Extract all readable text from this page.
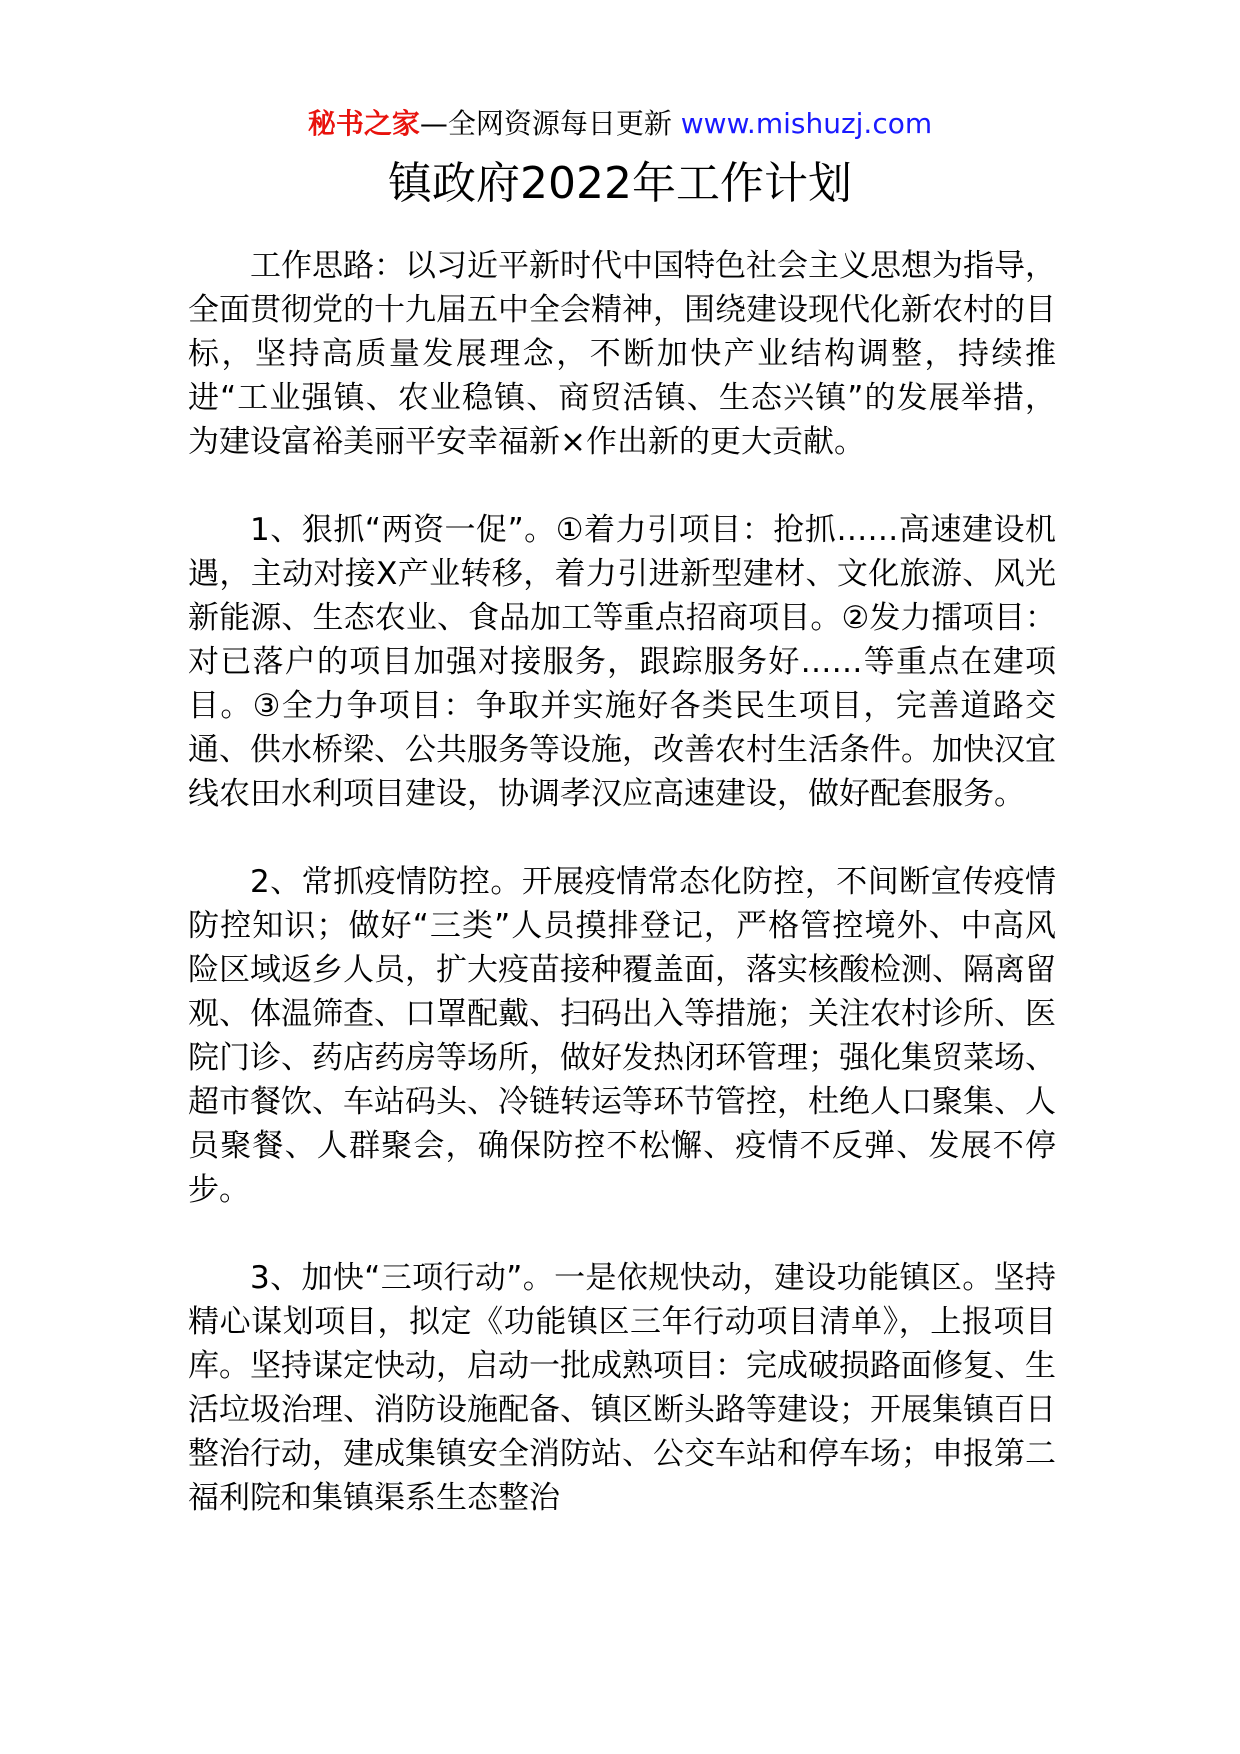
秘书之家—全网资源每日更新 www.mishuzj.com
镇政府2022年工作计划

工作思路：以习近平新时代中国特色社会主义思想为指导，全面贯彻党的十九届五中全会精神，围绕建设现代化新农村的目标，坚持高质量发展理念，不断加快产业结构调整，持续推进“工业强镇、农业稳镇、商贸活镇、生态兴镇”的发展举措，为建设富裕美丽平安幸福新×作出新的更大贡献。

1、狠抓“两资一促”。①着力引项目：抢抓……高速建设机遇，主动对接X产业转移，着力引进新型建材、文化旅游、风光新能源、生态农业、食品加工等重点招商项目。②发力擂项目：对已落户的项目加强对接服务，跟踪服务好……等重点在建项目。③全力争项目：争取并实施好各类民生项目，完善道路交通、供水桥梁、公共服务等设施，改善农村生活条件。加快汉宜线农田水利项目建设，协调孝汉应高速建设，做好配套服务。

2、常抓疫情防控。开展疫情常态化防控，不间断宣传疫情防控知识；做好“三类”人员摸排登记，严格管控境外、中高风险区域返乡人员，扩大疫苗接种覆盖面，落实核酸检测、隔离留观、体温筛查、口罩配戴、扫码出入等措施；关注农村诊所、医院门诊、药店药房等场所，做好发热闭环管理；强化集贸菜场、超市餐饮、车站码头、冷链转运等环节管控，杜绝人口聚集、人员聚餐、人群聚会，确保防控不松懈、疫情不反弹、发展不停步。

3、加快“三项行动”。一是依规快动，建设功能镇区。坚持精心谋划项目，拟定《功能镇区三年行动项目清单》，上报项目库。坚持谋定快动，启动一批成熟项目：完成破损路面修复、生活垃圾治理、消防设施配备、镇区断头路等建设；开展集镇百日整治行动，建成集镇安全消防站、公交车站和停车场；申报第二福利院和集镇渠系生态整治
